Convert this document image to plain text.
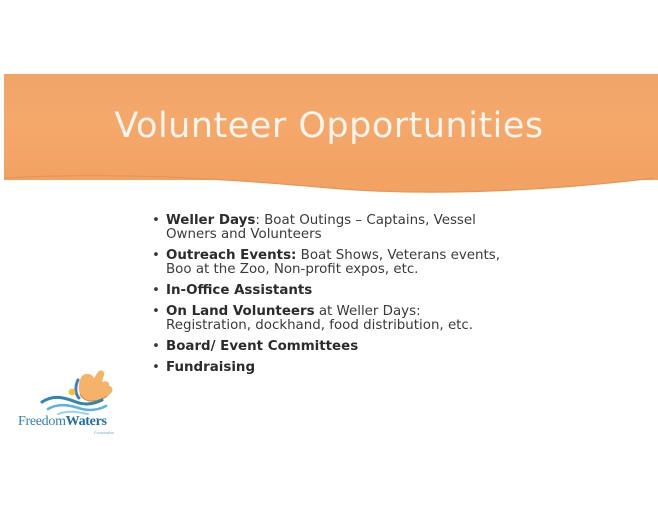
Volunteer Opportunities
• Weller Days: Boat Outings – Captains, Vessel Owners and Volunteers
• Outreach Events: Boat Shows, Veterans events, Boo at the Zoo, Non-profit expos, etc.
• In-Office Assistants
• On Land Volunteers at Weller Days: Registration, dockhand, food distribution, etc.
• Board/ Event Committees
• Fundraising
FreedomWaters
Foundation
